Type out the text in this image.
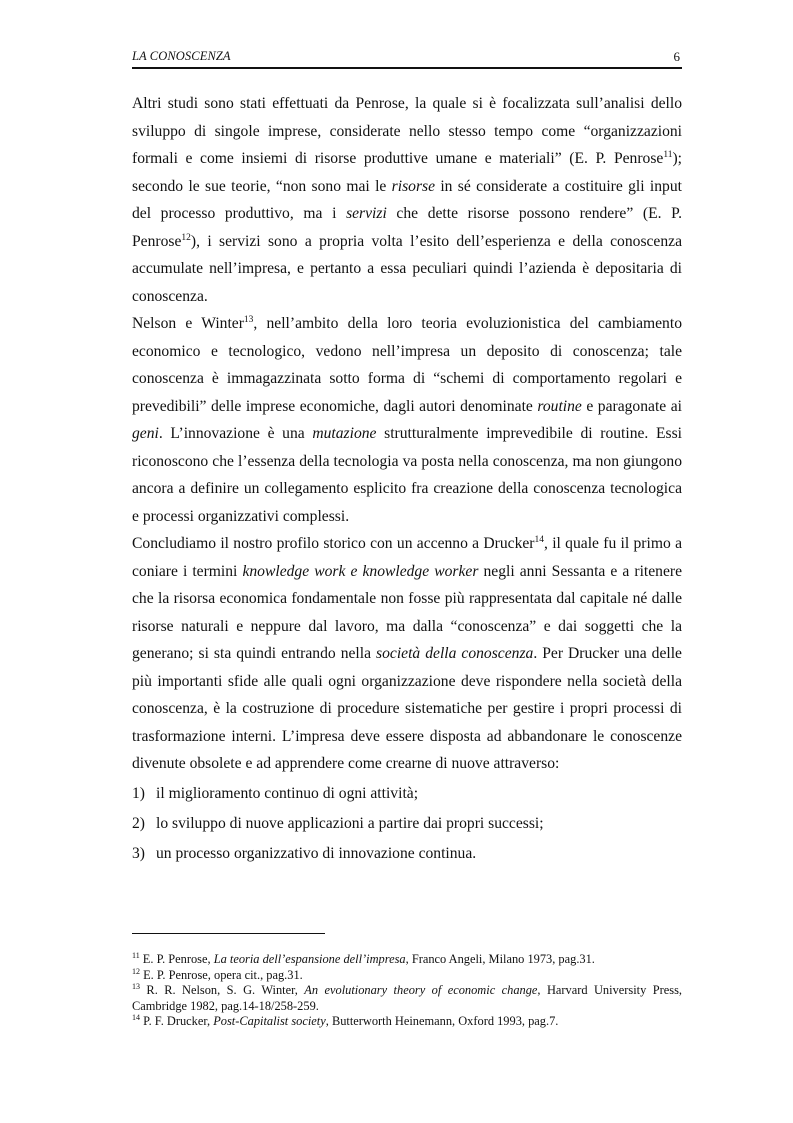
LA CONOSCENZA	6

Altri studi sono stati effettuati da Penrose, la quale si è focalizzata sull’analisi dello sviluppo di singole imprese, considerate nello stesso tempo come “organizzazioni formali e come insiemi di risorse produttive umane e materiali” (E. P. Penrose$^{11}$); secondo le sue teorie, “non sono mai le risorse in sé considerate a costituire gli input del processo produttivo, ma i servizi che dette risorse possono rendere” (E. P. Penrose$^{12}$), i servizi sono a propria volta l’esito dell’esperienza e della conoscenza accumulate nell’impresa, e pertanto a essa peculiari quindi l’azienda è depositaria di conoscenza.

Nelson e Winter$^{13}$, nell’ambito della loro teoria evoluzionistica del cambiamento economico e tecnologico, vedono nell’impresa un deposito di conoscenza; tale conoscenza è immagazzinata sotto forma di “schemi di comportamento regolari e prevedibili” delle imprese economiche, dagli autori denominate routine e paragonate ai geni. L’innovazione è una mutazione strutturalmente imprevedibile di routine. Essi riconoscono che l’essenza della tecnologia va posta nella conoscenza, ma non giungono ancora a definire un collegamento esplicito fra creazione della conoscenza tecnologica e processi organizzativi complessi.

Concludiamo il nostro profilo storico con un accenno a Drucker$^{14}$, il quale fu il primo a coniare i termini knowledge work e knowledge worker negli anni Sessanta e a ritenere che la risorsa economica fondamentale non fosse più rappresentata dal capitale né dalle risorse naturali e neppure dal lavoro, ma dalla “conoscenza” e dai soggetti che la generano; si sta quindi entrando nella società della conoscenza. Per Drucker una delle più importanti sfide alle quali ogni organizzazione deve rispondere nella società della conoscenza, è la costruzione di procedure sistematiche per gestire i propri processi di trasformazione interni. L’impresa deve essere disposta ad abbandonare le conoscenze divenute obsolete e ad apprendere come crearne di nuove attraverso:

1) il miglioramento continuo di ogni attività;
2) lo sviluppo di nuove applicazioni a partire dai propri successi;
3) un processo organizzativo di innovazione continua.

$^{11}$ E. P. Penrose, La teoria dell’espansione dell’impresa, Franco Angeli, Milano 1973, pag.31.

$^{12}$ E. P. Penrose, opera cit., pag.31.

$^{13}$ R. R. Nelson, S. G. Winter, An evolutionary theory of economic change, Harvard University Press, Cambridge 1982, pag.14-18/258-259.

$^{14}$ P. F. Drucker, Post-Capitalist society, Butterworth Heinemann, Oxford 1993, pag.7.
